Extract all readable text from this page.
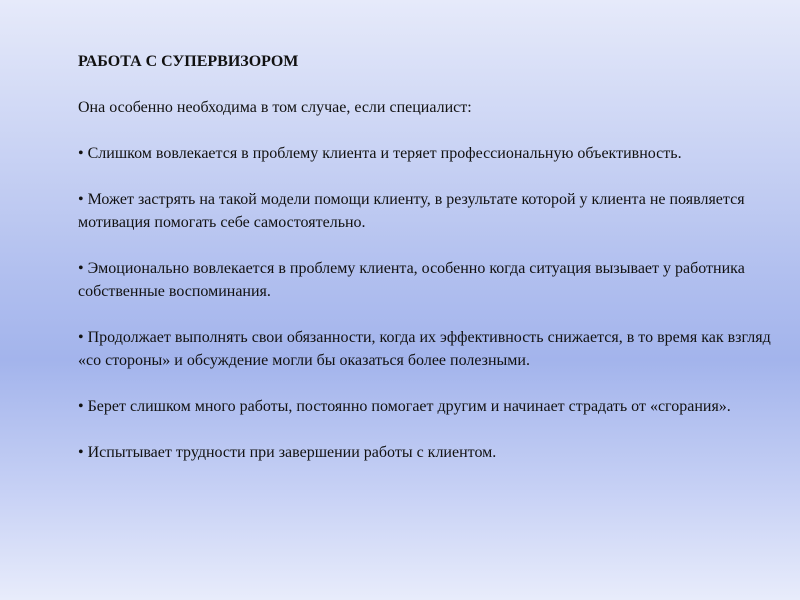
РАБОТА С СУПЕРВИЗОРОМ
Она особенно необходима в том случае, если специалист:
• Слишком вовлекается в проблему клиента и теряет профессиональную объективность.
• Может застрять на такой модели помощи клиенту, в результате которой у клиента не появляется мотивация помогать себе самостоятельно.
• Эмоционально вовлекается в проблему клиента, особенно когда ситуация вызывает у работника собственные воспоминания.
• Продолжает выполнять свои обязанности, когда их эффективность снижается, в то время как взгляд «со стороны» и обсуждение могли бы оказаться более полезными.
• Берет слишком много работы, постоянно помогает другим и начинает страдать от «сгорания».
• Испытывает трудности при завершении работы с клиентом.
